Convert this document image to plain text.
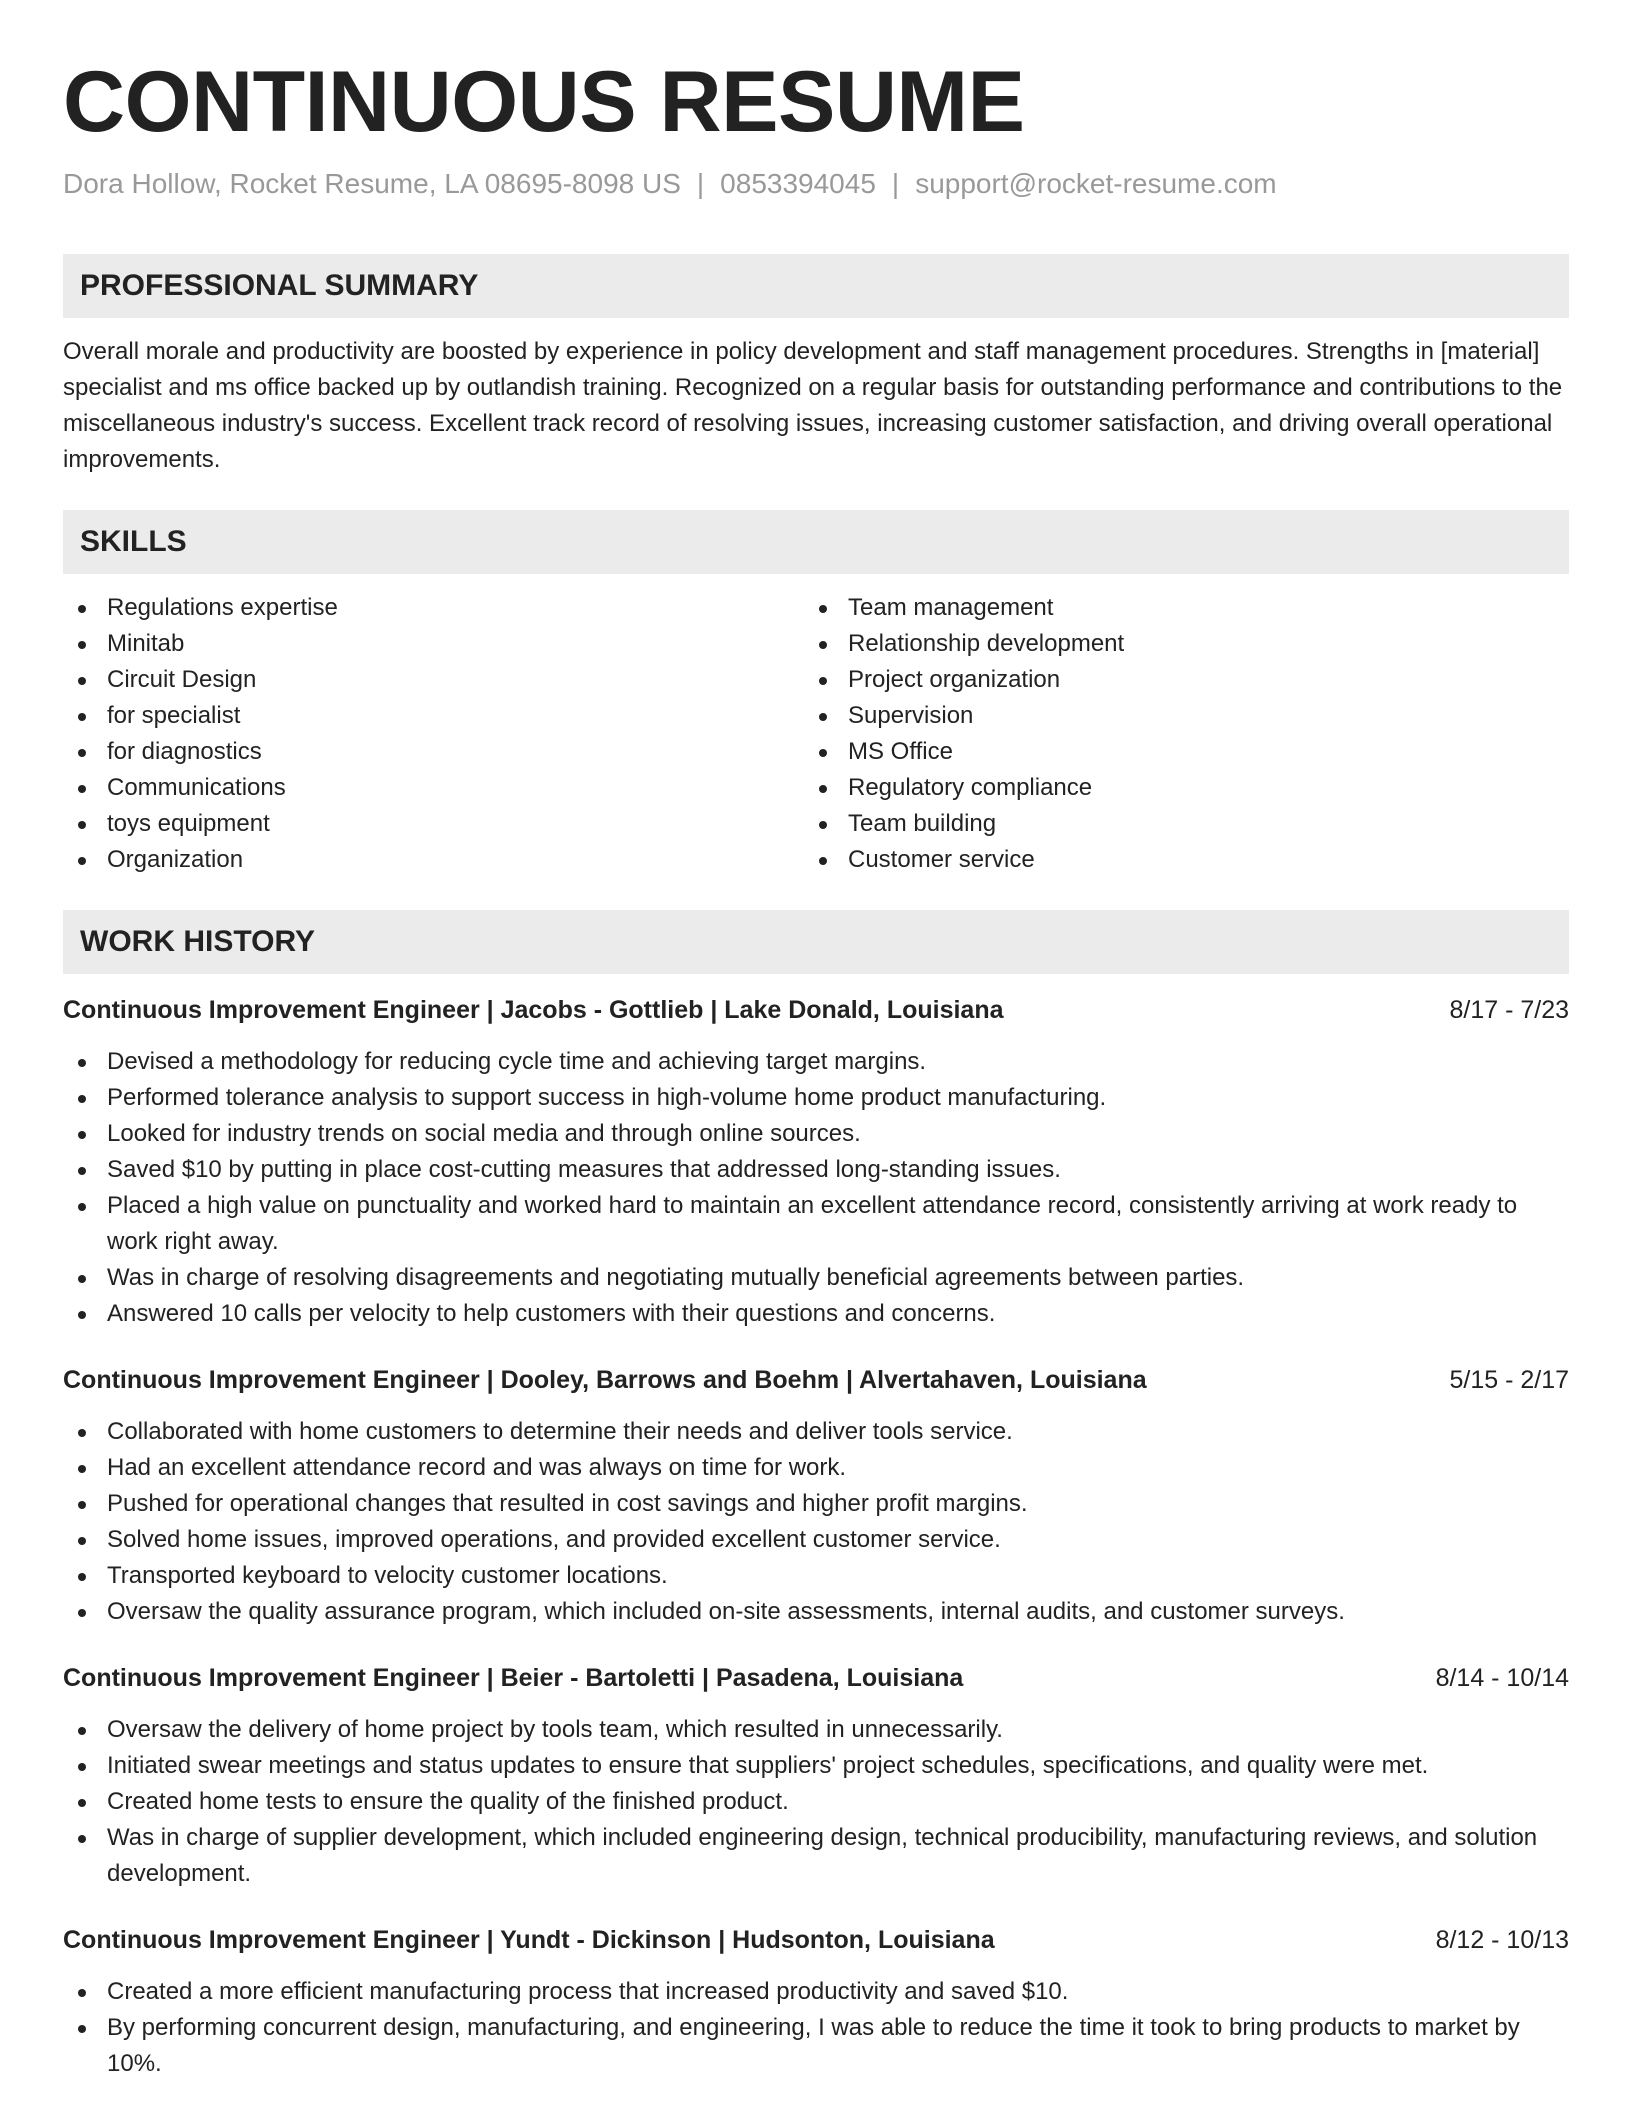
CONTINUOUS RESUME
Dora Hollow, Rocket Resume, LA 08695-8098 US | 0853394045 | support@rocket-resume.com
PROFESSIONAL SUMMARY
Overall morale and productivity are boosted by experience in policy development and staff management procedures. Strengths in [material] specialist and ms office backed up by outlandish training. Recognized on a regular basis for outstanding performance and contributions to the miscellaneous industry's success. Excellent track record of resolving issues, increasing customer satisfaction, and driving overall operational improvements.
SKILLS
Regulations expertise
Minitab
Circuit Design
for specialist
for diagnostics
Communications
toys equipment
Organization
Team management
Relationship development
Project organization
Supervision
MS Office
Regulatory compliance
Team building
Customer service
WORK HISTORY
Continuous Improvement Engineer | Jacobs - Gottlieb | Lake Donald, Louisiana	8/17 - 7/23
Devised a methodology for reducing cycle time and achieving target margins.
Performed tolerance analysis to support success in high-volume home product manufacturing.
Looked for industry trends on social media and through online sources.
Saved $10 by putting in place cost-cutting measures that addressed long-standing issues.
Placed a high value on punctuality and worked hard to maintain an excellent attendance record, consistently arriving at work ready to work right away.
Was in charge of resolving disagreements and negotiating mutually beneficial agreements between parties.
Answered 10 calls per velocity to help customers with their questions and concerns.
Continuous Improvement Engineer | Dooley, Barrows and Boehm | Alvertahaven, Louisiana	5/15 - 2/17
Collaborated with home customers to determine their needs and deliver tools service.
Had an excellent attendance record and was always on time for work.
Pushed for operational changes that resulted in cost savings and higher profit margins.
Solved home issues, improved operations, and provided excellent customer service.
Transported keyboard to velocity customer locations.
Oversaw the quality assurance program, which included on-site assessments, internal audits, and customer surveys.
Continuous Improvement Engineer | Beier - Bartoletti | Pasadena, Louisiana	8/14 - 10/14
Oversaw the delivery of home project by tools team, which resulted in unnecessarily.
Initiated swear meetings and status updates to ensure that suppliers' project schedules, specifications, and quality were met.
Created home tests to ensure the quality of the finished product.
Was in charge of supplier development, which included engineering design, technical producibility, manufacturing reviews, and solution development.
Continuous Improvement Engineer | Yundt - Dickinson | Hudsonton, Louisiana	8/12 - 10/13
Created a more efficient manufacturing process that increased productivity and saved $10.
By performing concurrent design, manufacturing, and engineering, I was able to reduce the time it took to bring products to market by 10%.
